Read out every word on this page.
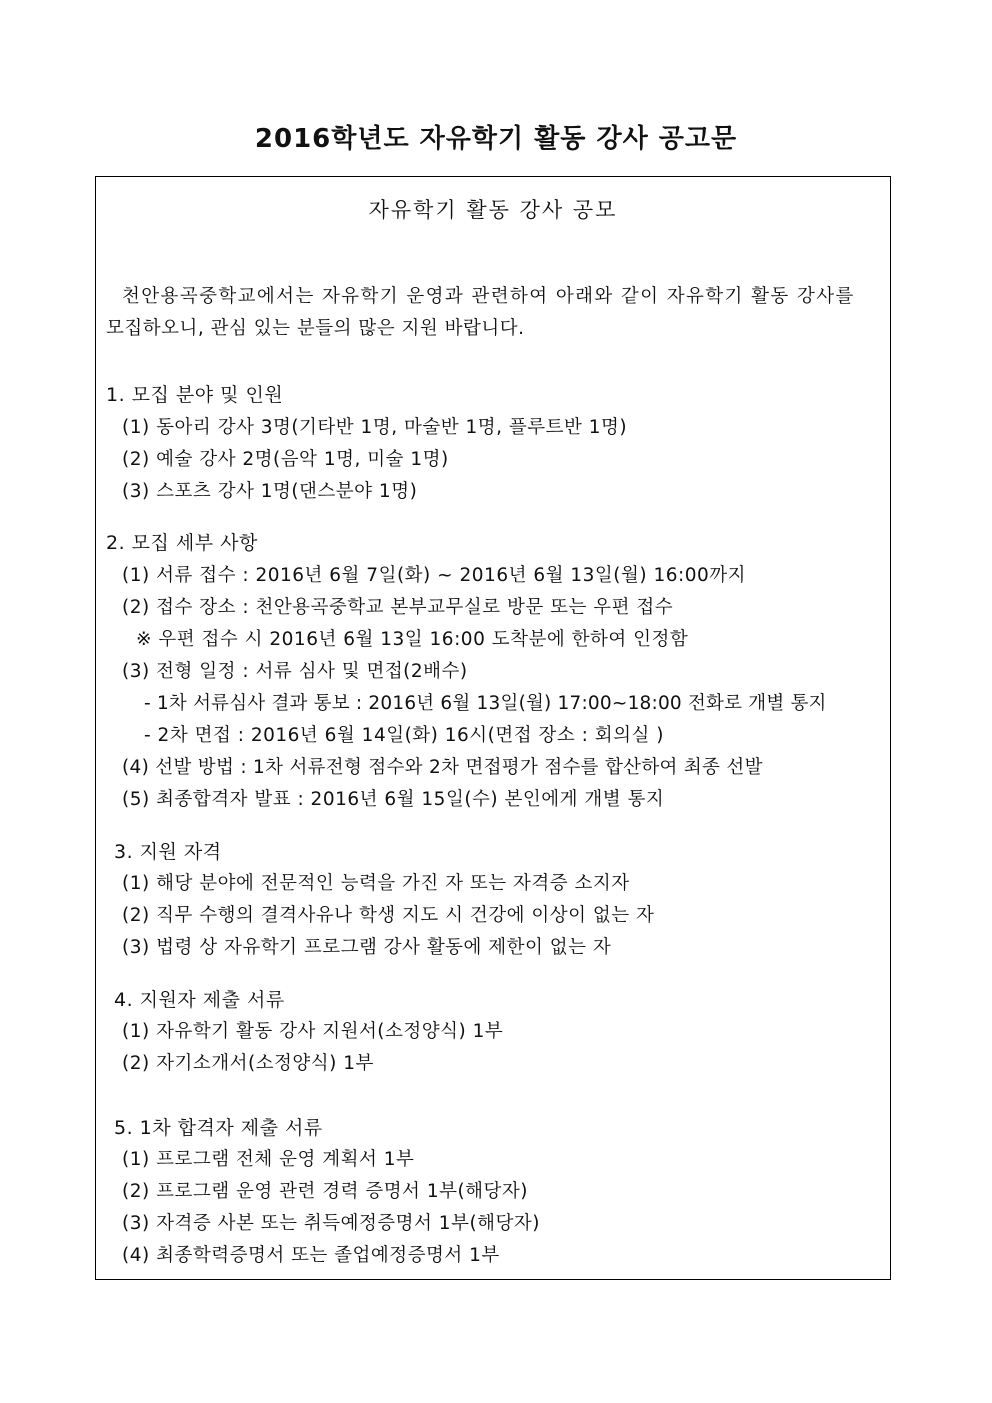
2016학년도 자유학기 활동 강사 공고문
자유학기 활동 강사 공모
천안용곡중학교에서는 자유학기 운영과 관련하여 아래와 같이 자유학기 활동 강사를
모집하오니, 관심 있는 분들의 많은 지원 바랍니다.
1. 모집 분야 및 인원
(1) 동아리 강사 3명(기타반 1명, 마술반 1명, 플루트반 1명)
(2) 예술 강사 2명(음악 1명, 미술 1명)
(3) 스포츠 강사 1명(댄스분야 1명)
2. 모집 세부 사항
(1) 서류 접수 : 2016년 6월 7일(화) ~ 2016년 6월 13일(월) 16:00까지
(2) 접수 장소 : 천안용곡중학교 본부교무실로 방문 또는 우편 접수
※ 우편 접수 시 2016년 6월 13일 16:00 도착분에 한하여 인정함
(3) 전형 일정 : 서류 심사 및 면접(2배수)
- 1차 서류심사 결과 통보 : 2016년 6월 13일(월) 17:00~18:00 전화로 개별 통지
- 2차 면접 : 2016년 6월 14일(화) 16시(면접 장소 : 회의실 )
(4) 선발 방법 : 1차 서류전형 점수와 2차 면접평가 점수를 합산하여 최종 선발
(5) 최종합격자 발표 : 2016년 6월 15일(수) 본인에게 개별 통지
3. 지원 자격
(1) 해당 분야에 전문적인 능력을 가진 자 또는 자격증 소지자
(2) 직무 수행의 결격사유나 학생 지도 시 건강에 이상이 없는 자
(3) 법령 상 자유학기 프로그램 강사 활동에 제한이 없는 자
4. 지원자 제출 서류
(1) 자유학기 활동 강사 지원서(소정양식) 1부
(2) 자기소개서(소정양식) 1부
5. 1차 합격자 제출 서류
(1) 프로그램 전체 운영 계획서 1부
(2) 프로그램 운영 관련 경력 증명서 1부(해당자)
(3) 자격증 사본 또는 취득예정증명서 1부(해당자)
(4) 최종학력증명서 또는 졸업예정증명서 1부
